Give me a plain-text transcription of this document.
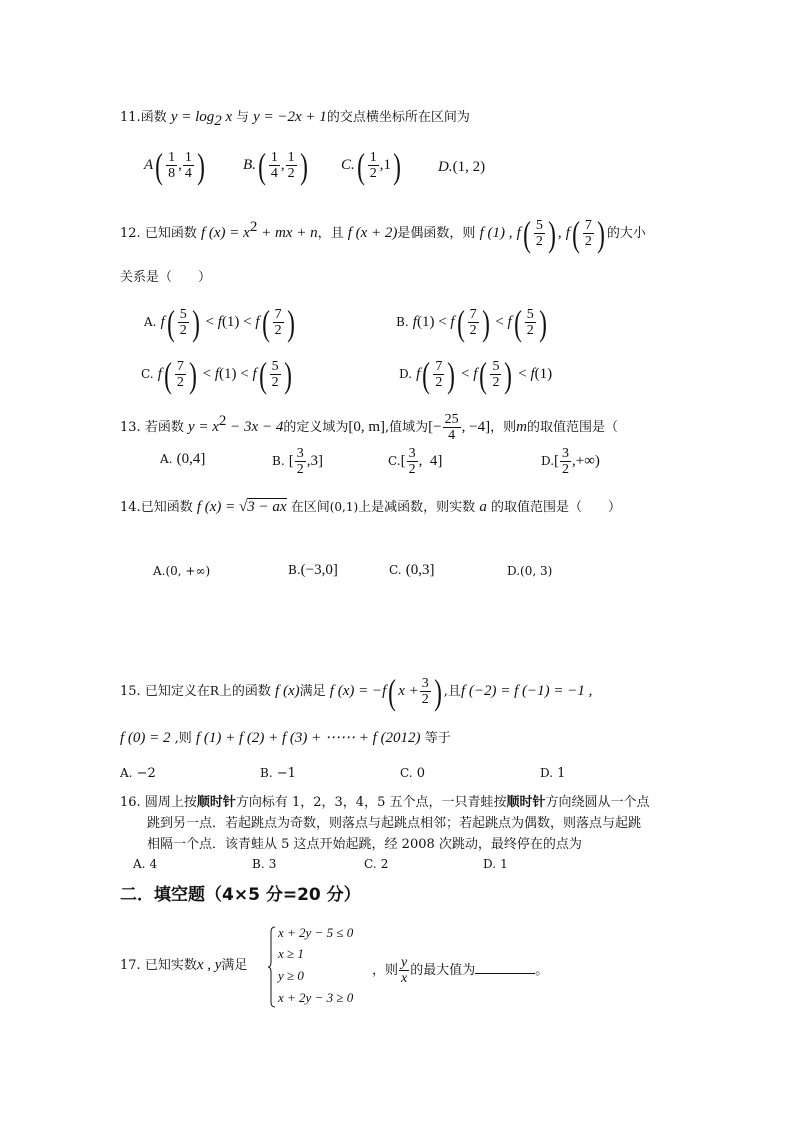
11.函数 $y = \log_2 x$ 与 y = −2x + 1的交点横坐标所在区间为
$A( \frac{1}{8}$ , $\frac{1}{4}$ )	$B.( \frac{1}{4}$ , $\frac{1}{2}$ ) $C.( \frac{1}{2} ,1)$ D.(1, 2)
12. 已知函数 f $(x) = x^2$ + mx + n，且 f (x + 2)是偶函数，则 f (1) , $f( \frac{5}{2}$ ) , $f( \frac{7}{2}$ ) 的大小
关系是（　　）
A. $f( \frac{5}{2}$ ) < $f(1) < f( \frac{7}{2}$ )	B. $f(1) < f( \frac{7}{2}$ ) < $f( \frac{5}{2}$ )
C. $f( \frac{7}{2}$ ) < $f(1) < f( \frac{5}{2}$ )	D. $f( \frac{7}{2}$ ) < $f( \frac{5}{2}$ ) < f(1)
13. 若函数 $y = x^2 - 3x - 4$的定义域为[0, m],值域为[− $\frac{25}{4}$ , −4]，则m的取值范围是（
A. (0,4]	B. [ $\frac{3}{2} ,3$]	$C.[ \frac{3}{2}$ ,  4]	$D.[ \frac{3}{2}$ ,+∞)
14.已知函数 f (x) = √3 − ax 在区间(0,1)上是减函数，则实数 a 的取值范围是（　　）
A.(0, +∞)	B.(−3,0]	C. (0,3]	D.(0, 3)
15. 已知定义在R上的函数 f (x)满足 f (x) = −f( $x + \frac{3}{2}$ ) ,且f (−2) = f (−1) = −1 ,
f (0) = 2 ,则 f (1) + f (2) + f (3) + ⋯⋯ + f (2012) 等于
A. −2	B. −1	C. 0	D. 1
16. 圆周上按顺时针方向标有 1，2，3，4，5 五个点，一只青蛙按顺时针方向绕圆从一个点
跳到另一点．若起跳点为奇数，则落点与起跳点相邻；若起跳点为偶数，则落点与起跳
相隔一个点．该青蛙从 5 这点开始起跳，经 2008 次跳动，最终停在的点为
A. 4	B. 3	C. 2	D. 1
二．填空题（4×5 分=20 分）
17. 已知实数x , y满足
x + 2y − 5 ≤ 0
x ≥ 1
y ≥ 0
x + 2y − 3 ≥ 0
，则 $\frac{y}{x}$ 的最大值为	。
